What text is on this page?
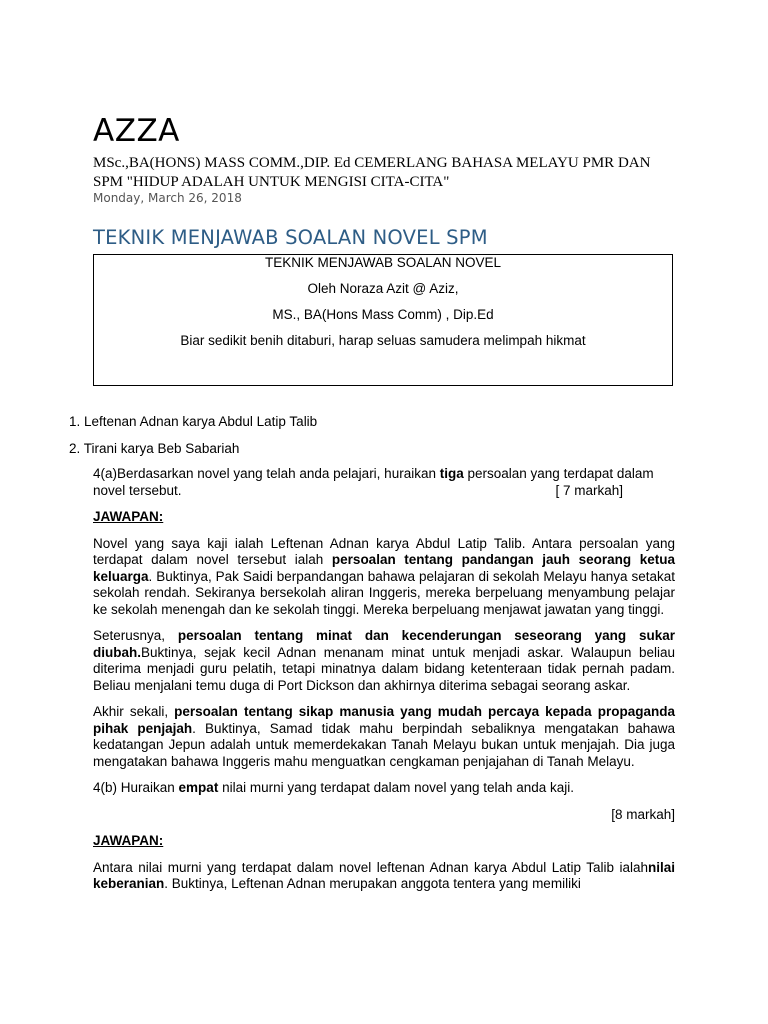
AZZA

MSc.,BA(HONS) MASS COMM.,DIP. Ed CEMERLANG BAHASA MELAYU PMR DAN SPM "HIDUP ADALAH UNTUK MENGISI CITA-CITA"

Monday, March 26, 2018
TEKNIK MENJAWAB SOALAN NOVEL SPM
TEKNIK MENJAWAB SOALAN NOVEL
Oleh Noraza Azit @ Aziz,
MS., BA(Hons Mass Comm) , Dip.Ed
Biar sedikit benih ditaburi, harap seluas samudera melimpah hikmat
1. Leftenan Adnan karya Abdul Latip Talib
2. Tirani karya Beb Sabariah

4(a)Berdasarkan novel yang telah anda pelajari, huraikan tiga persoalan yang terdapat dalam

novel tersebut.	[ 7 markah]
JAWAPAN:

Novel yang saya kaji ialah Leftenan Adnan karya Abdul Latip Talib. Antara persoalan yang terdapat dalam novel tersebut ialah persoalan tentang pandangan jauh seorang ketua keluarga. Buktinya, Pak Saidi berpandangan bahawa pelajaran di sekolah Melayu hanya setakat sekolah rendah. Sekiranya bersekolah aliran Inggeris, mereka berpeluang menyambung pelajar ke sekolah menengah dan ke sekolah tinggi. Mereka berpeluang menjawat jawatan yang tinggi.

Seterusnya, persoalan tentang minat dan kecenderungan seseorang yang sukar diubah.Buktinya, sejak kecil Adnan menanam minat untuk menjadi askar. Walaupun beliau diterima menjadi guru pelatih, tetapi minatnya dalam bidang ketenteraan tidak pernah padam. Beliau menjalani temu duga di Port Dickson dan akhirnya diterima sebagai seorang askar.

Akhir sekali, persoalan tentang sikap manusia yang mudah percaya kepada propaganda pihak penjajah. Buktinya, Samad tidak mahu berpindah sebaliknya mengatakan bahawa kedatangan Jepun adalah untuk memerdekakan Tanah Melayu bukan untuk menjajah. Dia juga mengatakan bahawa Inggeris mahu menguatkan cengkaman penjajahan di Tanah Melayu.

4(b) Huraikan empat nilai murni yang terdapat dalam novel yang telah anda kaji.

[8 markah]
JAWAPAN:

Antara nilai murni yang terdapat dalam novel leftenan Adnan karya Abdul Latip Talib ialahnilai keberanian. Buktinya, Leftenan Adnan merupakan anggota tentera yang memiliki
